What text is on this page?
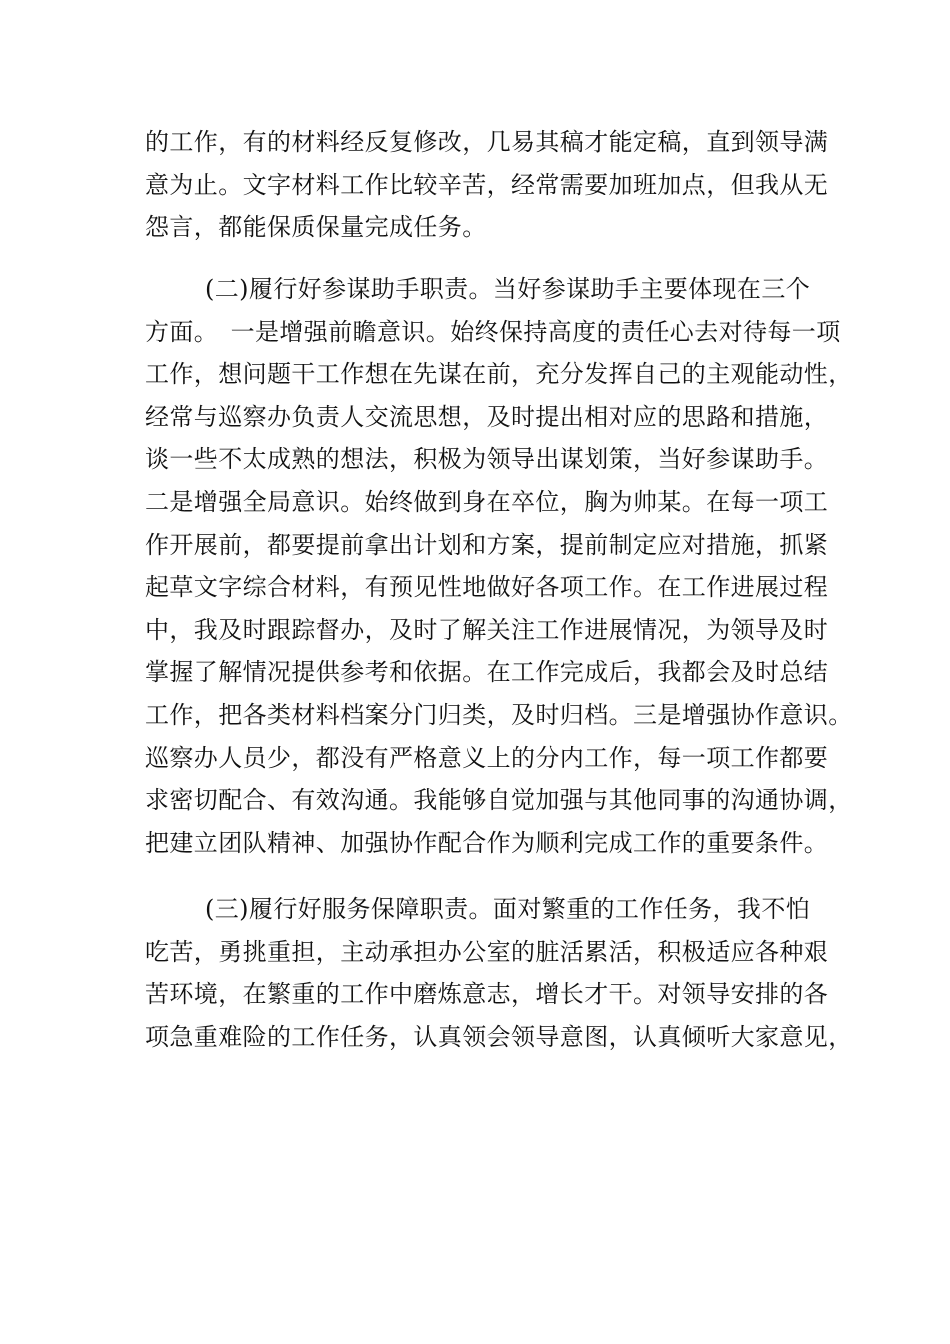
的工作，有的材料经反复修改，几易其稿才能定稿，直到领导满
意为止。文字材料工作比较辛苦，经常需要加班加点，但我从无
怨言，都能保质保量完成任务。
(二)履行好参谋助手职责。当好参谋助手主要体现在三个
方面。　一是增强前瞻意识。始终保持高度的责任心去对待每一项
工作，想问题干工作想在先谋在前，充分发挥自己的主观能动性，
经常与巡察办负责人交流思想，及时提出相对应的思路和措施，
谈一些不太成熟的想法，积极为领导出谋划策，当好参谋助手。
二是增强全局意识。始终做到身在卒位，胸为帅某。在每一项工
作开展前，都要提前拿出计划和方案，提前制定应对措施，抓紧
起草文字综合材料，有预见性地做好各项工作。在工作进展过程
中，我及时跟踪督办，及时了解关注工作进展情况，为领导及时
掌握了解情况提供参考和依据。在工作完成后，我都会及时总结
工作，把各类材料档案分门归类，及时归档。三是增强协作意识。
巡察办人员少，都没有严格意义上的分内工作，每一项工作都要
求密切配合、有效沟通。我能够自觉加强与其他同事的沟通协调，
把建立团队精神、加强协作配合作为顺利完成工作的重要条件。
(三)履行好服务保障职责。面对繁重的工作任务，我不怕
吃苦，勇挑重担，主动承担办公室的脏活累活，积极适应各种艰
苦环境，在繁重的工作中磨炼意志，增长才干。对领导安排的各
项急重难险的工作任务，认真领会领导意图，认真倾听大家意见，
